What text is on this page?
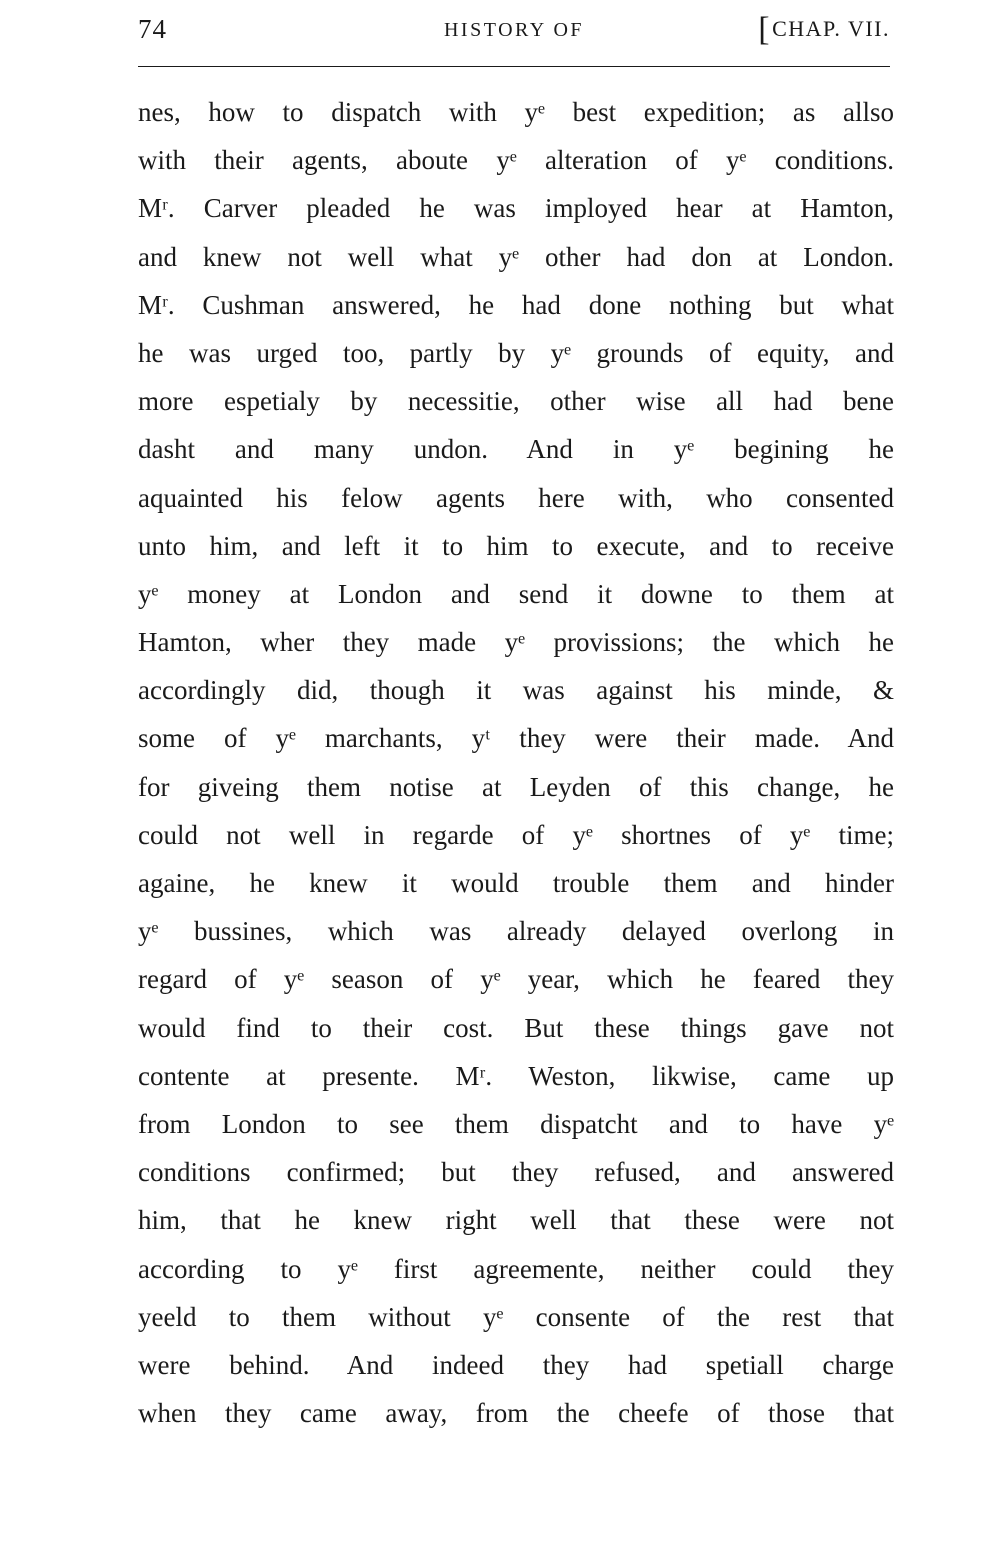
74	HISTORY OF	[CHAP. VII.
nes, how to dispatch with yᵉ best expedition; as allso
with their agents, aboute yᵉ alteration of yᵉ conditions.
Mʳ. Carver pleaded he was imployed hear at Hamton,
and knew not well what yᵉ other had don at London.
Mʳ. Cushman answered, he had done nothing but what
he was urged too, partly by yᵉ grounds of equity, and
more espetialy by necessitie, other wise all had bene
dasht and many undon. And in yᵉ begining he
aquainted his felow agents here with, who consented
unto him, and left it to him to execute, and to receive
yᵉ money at London and send it downe to them at
Hamton, wher they made yᵉ provissions; the which he
accordingly did, though it was against his minde, &
some of yᵉ marchants, yᵗ they were their made. And
for giveing them notise at Leyden of this change, he
could not well in regarde of yᵉ shortnes of yᵉ time;
againe, he knew it would trouble them and hinder
yᵉ bussines, which was already delayed overlong in
regard of yᵉ season of yᵉ year, which he feared they
would find to their cost. But these things gave not
contente at presente. Mʳ. Weston, likwise, came up
from London to see them dispatcht and to have yᵉ
conditions confirmed; but they refused, and answered
him, that he knew right well that these were not
according to yᵉ first agreemente, neither could they
yeeld to them without yᵉ consente of the rest that
were behind. And indeed they had spetiall charge
when they came away, from the cheefe of those that
